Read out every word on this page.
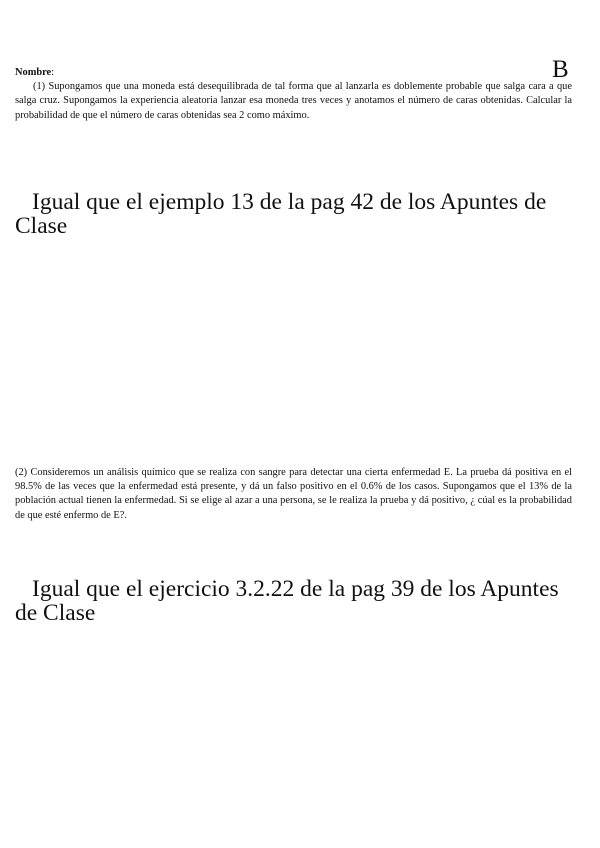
B
Nombre:
(1) Supongamos que una moneda está desequilibrada de tal forma que al lanzarla es doblemente probable que salga cara a que salga cruz. Supongamos la experiencia aleatoria lanzar esa moneda tres veces y anotamos el número de caras obtenidas. Calcular la probabilidad de que el número de caras obtenidas sea 2 como máximo.
Igual que el ejemplo 13 de la pag 42 de los Apuntes de Clase
(2) Consideremos un análisis químico que se realiza con sangre para detectar una cierta enfermedad E. La prueba dá positiva en el 98.5% de las veces que la enfermedad está presente, y dá un falso positivo en el 0.6% de los casos. Supongamos que el 13% de la población actual tienen la enfermedad. Si se elige al azar a una persona, se le realiza la prueba y dá positivo, ¿ cúal es la probabilidad de que esté enfermo de E?.
Igual que el ejercicio 3.2.22 de la pag 39 de los Apuntes de Clase
